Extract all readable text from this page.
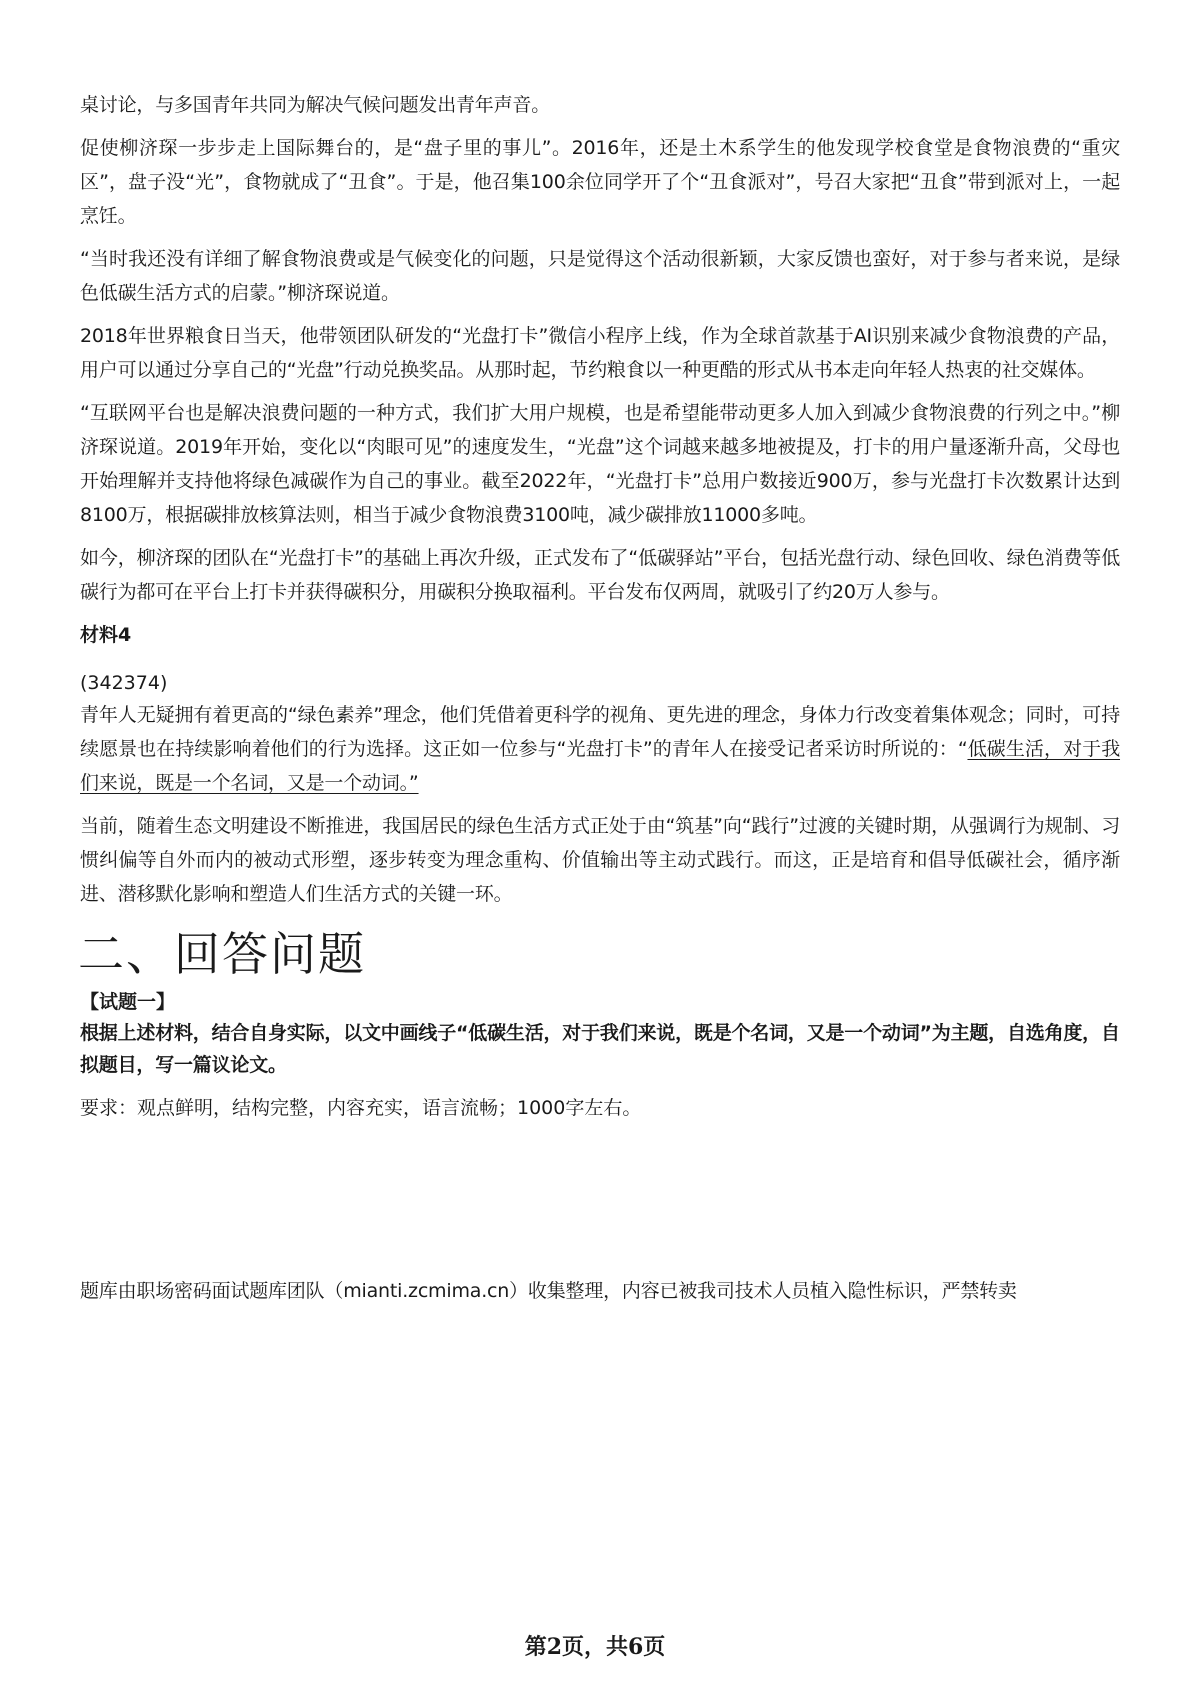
桌讨论，与多国青年共同为解决气候问题发出青年声音。

促使柳济琛一步步走上国际舞台的，是“盘子里的事儿”。2016年，还是土木系学生的他发现学校食堂是食物浪费的“重灾区”，盘子没“光”，食物就成了“丑食”。于是，他召集100余位同学开了个“丑食派对”，号召大家把“丑食”带到派对上，一起烹饪。

“当时我还没有详细了解食物浪费或是气候变化的问题，只是觉得这个活动很新颖，大家反馈也蛮好，对于参与者来说，是绿色低碳生活方式的启蒙。”柳济琛说道。

2018年世界粮食日当天，他带领团队研发的“光盘打卡”微信小程序上线，作为全球首款基于AI识别来减少食物浪费的产品，用户可以通过分享自己的“光盘”行动兑换奖品。从那时起，节约粮食以一种更酷的形式从书本走向年轻人热衷的社交媒体。

“互联网平台也是解决浪费问题的一种方式，我们扩大用户规模，也是希望能带动更多人加入到减少食物浪费的行列之中。”柳济琛说道。2019年开始，变化以“肉眼可见”的速度发生，“光盘”这个词越来越多地被提及，打卡的用户量逐渐升高，父母也开始理解并支持他将绿色减碳作为自己的事业。截至2022年，“光盘打卡”总用户数接近900万，参与光盘打卡次数累计达到8100万，根据碳排放核算法则，相当于减少食物浪费3100吨，减少碳排放11000多吨。

如今，柳济琛的团队在“光盘打卡”的基础上再次升级，正式发布了“低碳驿站”平台，包括光盘行动、绿色回收、绿色消费等低碳行为都可在平台上打卡并获得碳积分，用碳积分换取福利。平台发布仅两周，就吸引了约20万人参与。

材料4

(342374)

青年人无疑拥有着更高的“绿色素养”理念，他们凭借着更科学的视角、更先进的理念，身体力行改变着集体观念；同时，可持续愿景也在持续影响着他们的行为选择。这正如一位参与“光盘打卡”的青年人在接受记者采访时所说的：“低碳生活，对于我们来说，既是一个名词，又是一个动词。”

当前，随着生态文明建设不断推进，我国居民的绿色生活方式正处于由“筑基”向“践行”过渡的关键时期，从强调行为规制、习惯纠偏等自外而内的被动式形塑，逐步转变为理念重构、价值输出等主动式践行。而这，正是培育和倡导低碳社会，循序渐进、潜移默化影响和塑造人们生活方式的关键一环。

二、回答问题

【试题一】

根据上述材料，结合自身实际，以文中画线子“低碳生活，对于我们来说，既是个名词，又是一个动词”为主题，自选角度，自拟题目，写一篇议论文。

要求：观点鲜明，结构完整，内容充实，语言流畅；1000字左右。

题库由职场密码面试题库团队（mianti.zcmima.cn）收集整理，内容已被我司技术人员植入隐性标识，严禁转卖
第2页，共6页
